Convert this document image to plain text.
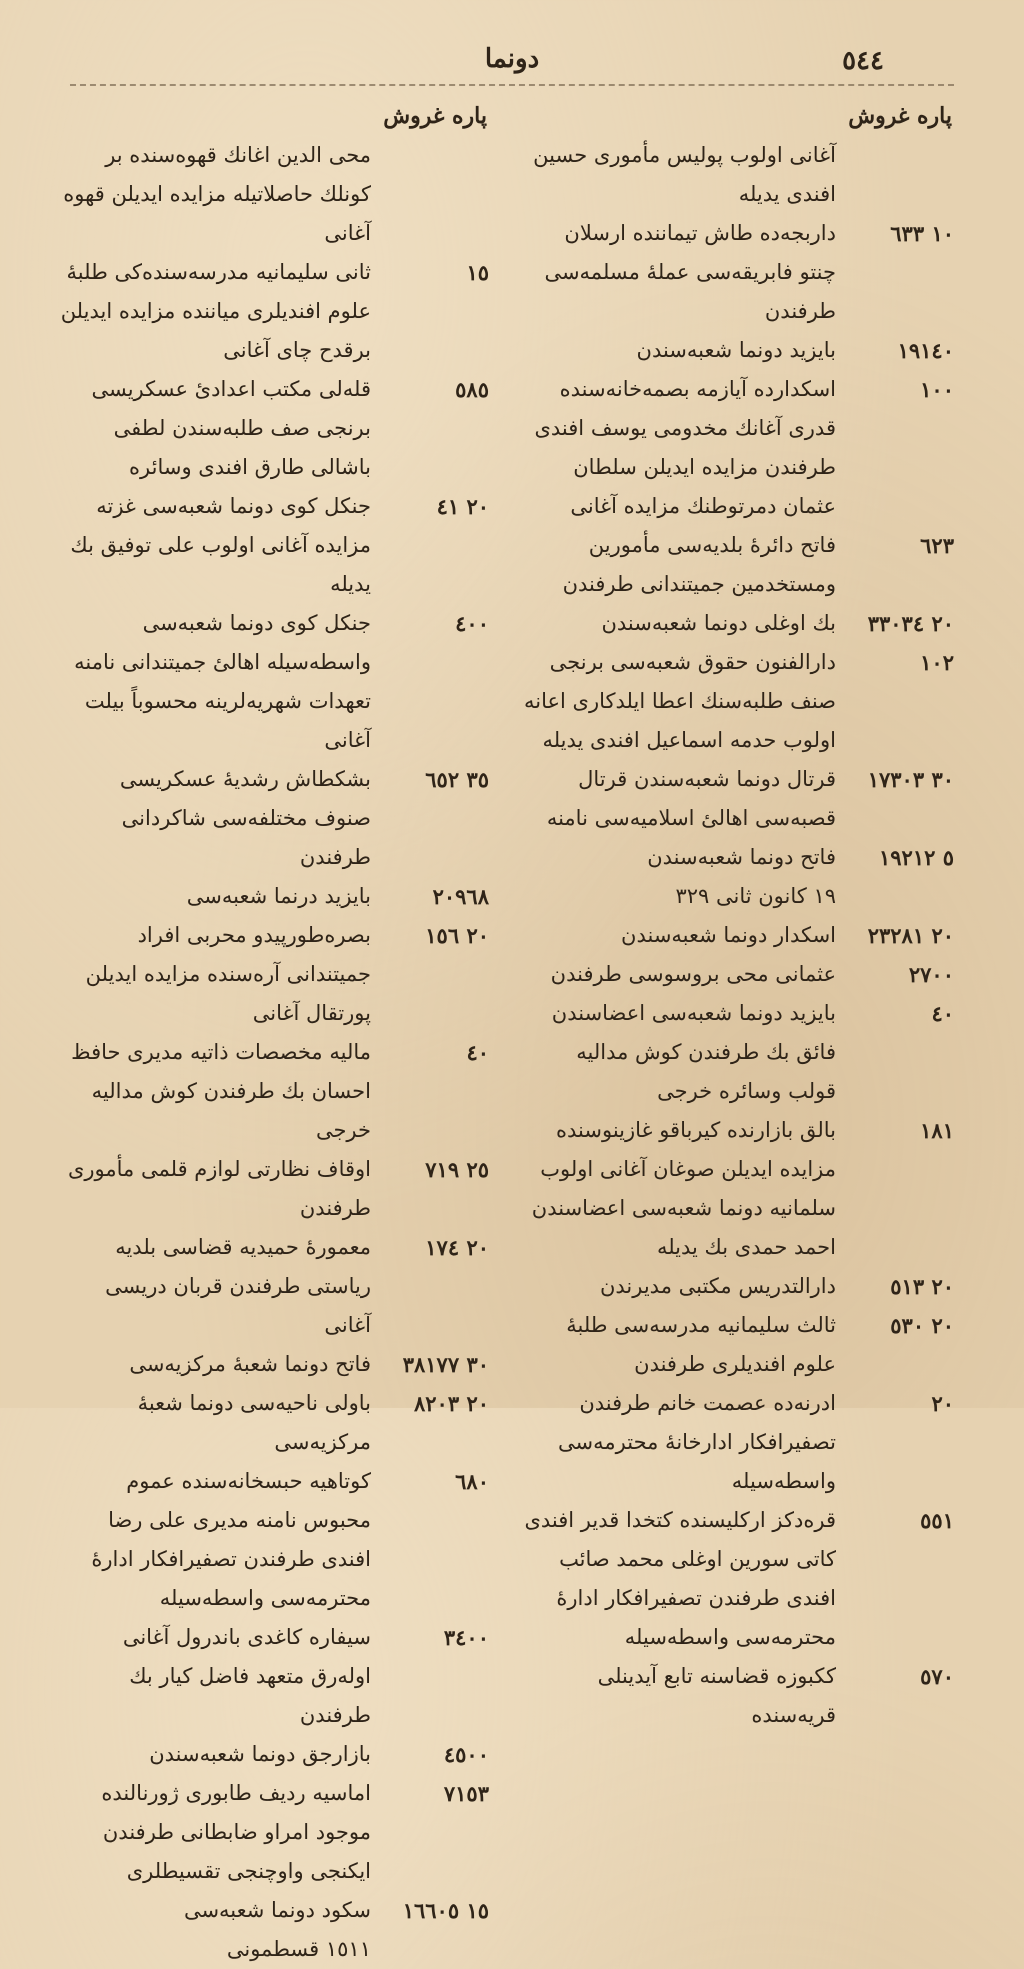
٥٤٤
دونما
پاره غروش
آغانی اولوب پولیس مأموری حسین افندی یدیله
١٠ ٦٣٣
داربجه‌ده طاش تیماننده ارسلان چنتو فابریقه‌سی عمله‌ٔ مسلمه‌سی طرفندن
١٩١٤٠
بایزید دونما شعبه‌سندن
١٠٠
اسکدارده آیازمه بصمه‌خانه‌سنده قدری آغانك مخدومی یوسف افندی طرفندن مزایده ایدیلن سلطان عثمان دمرتوطنك مزایده آغانی
٦٢٣
فاتح دائرهٔ بلدیه‌سی مأمورین ومستخدمین جمیتندانی طرفندن
٢٠ ٣٣٠٣٤
بك اوغلی دونما شعبه‌سندن
١٠٢
دارالفنون حقوق شعبه‌سی برنجی صنف طلبه‌سنك اعطا ایلدکاری اعانه اولوب حدمه اسماعیل افندی یدیله
٣٠ ١٧٣٠٣
قرتال دونما شعبه‌سندن قرتال قصبه‌سی اهالئ اسلامیه‌سی نامنه
٥ ١٩٢١٢
فاتح دونما شعبه‌سندن
١٩ کانون ثانی ٣٢٩
٢٠ ٢٣٢٨١
اسکدار دونما شعبه‌سندن
٢٧٠٠
عثمانی محی بروسوسی طرفندن
٤٠
بایزید دونما شعبه‌سی اعضاسندن فائق بك طرفندن کوش مدالیه قولب وسائره خرجی
١٨١
بالق بازارنده کیرباقو غازینوسنده مزایده ایدیلن صوغان آغانی اولوب سلمانیه دونما شعبه‌سی اعضاسندن احمد حمدی بك یدیله
٢٠ ٥١٣
دارالتدریس مکتبی مدیرندن
٢٠ ٥٣٠
ثالث سلیمانیه مدرسه‌سی طلبهٔ علوم افندیلری طرفندن
٢٠
ادرنه‌ده عصمت خانم طرفندن تصفیرافکار ادارخانهٔ محترمه‌سی واسطه‌سیله
٥٥١
قره‌دکز ارکلیسنده کتخدا قدیر افندی کاتی سورین اوغلی محمد صائب افندی طرفندن تصفیرافکار ادارهٔ محترمه‌سی واسطه‌سیله
٥٧٠
ککبوزه قضاسنه تابع آیدینلی قریه‌سنده
پاره غروش
محی الدین اغانك قهوه‌سنده بر کونلك حاصلاتیله مزایده ایدیلن قهوه آغانی
١٥
ثانی سلیمانیه مدرسه‌سنده‌کی طلبهٔ علوم افندیلری میاننده مزایده ایدیلن برقدح چای آغانی
٥٨٥
قله‌لی مکتب اعدادئ عسکریسی برنجی صف طلبه‌سندن لطفی باشالی طارق افندی وسائره
٢٠ ٤١
جنکل کوی دونما شعبه‌سی غزته مزایده آغانی اولوب علی توفیق بك یدیله
٤٠٠
جنکل کوی دونما شعبه‌سی واسطه‌سیله اهالئ جمیتندانی نامنه تعهدات شهریه‌لرینه محسوباً بیلت آغانی
٣٥ ٦٥٢
بشکطاش رشدیهٔ عسکریسی صنوف مختلفه‌سی شاکردانی طرفندن
٢٠٩٦٨
بایزید درنما شعبه‌سی
٢٠ ١٥٦
بصره‌طورپیدو محربی افراد جمیتندانی آرەسنده مزایده ایدیلن پورتقال آغانی
٤٠
مالیه مخصصات ذاتیه مدیری حافظ احسان بك طرفندن کوش مدالیه خرجی
٢٥ ٧١٩
اوقاف نظارتی لوازم قلمی مأموری طرفندن
٢٠ ١٧٤
معمورهٔ حمیدیه قضاسی بلدیه ریاستی طرفندن قربان دریسی آغانی
٣٠ ٣٨١٧٧
فاتح دونما شعبهٔ مرکزیه‌سی
٢٠ ٨٢٠٣
باولی ناحیه‌سی دونما شعبهٔ مرکزیه‌سی
٦٨٠
کوتاهیه حبسخانه‌سنده عموم محبوس نامنه مدیری علی رضا افندی طرفندن تصفیرافکار ادارهٔ محترمه‌سی واسطه‌سیله
٣٤٠٠
سیفاره کاغدی باندرول آغانی اوله‌رق متعهد فاضل کیار بك طرفندن
٤٥٠٠
بازارجق دونما شعبه‌سندن
٧١٥٣
اماسیه ردیف طابوری ژورنالنده موجود امراو ضابطانی طرفندن ایکنجی واوچنجی تقسیطلری
١٥ ١٦٦٠٥
سکود دونما شعبه‌سی
١٥١١ قسطمونی
